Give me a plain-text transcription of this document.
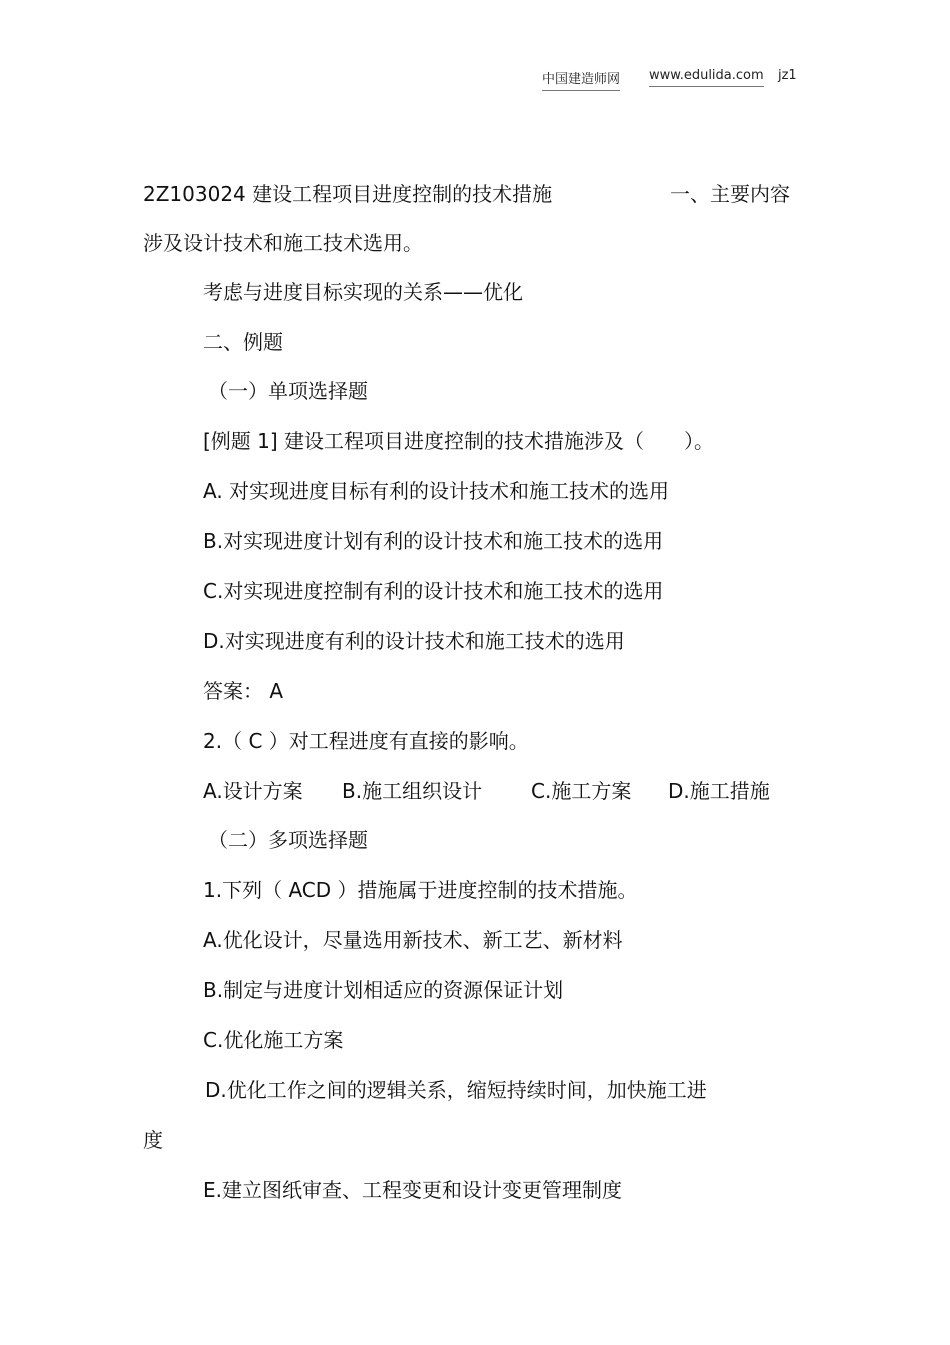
中国建造师网 www.edulida.com jz1
2Z103024 建设工程项目进度控制的技术措施	一、主要内容
涉及设计技术和施工技术选用。
考虑与进度目标实现的关系——优化
二、例题
（一）单项选择题
[例题 1] 建设工程项目进度控制的技术措施涉及（　　）。
A. 对实现进度目标有利的设计技术和施工技术的选用
B.对实现进度计划有利的设计技术和施工技术的选用
C.对实现进度控制有利的设计技术和施工技术的选用
D.对实现进度有利的设计技术和施工技术的选用
答案： A
2.（ C ）对工程进度有直接的影响。
A.设计方案 B.施工组织设计 C.施工方案 D.施工措施
（二）多项选择题
1.下列（ ACD ）措施属于进度控制的技术措施。
A.优化设计，尽量选用新技术、新工艺、新材料
B.制定与进度计划相适应的资源保证计划
C.优化施工方案
D.优化工作之间的逻辑关系，缩短持续时间，加快施工进
度
E.建立图纸审查、工程变更和设计变更管理制度
